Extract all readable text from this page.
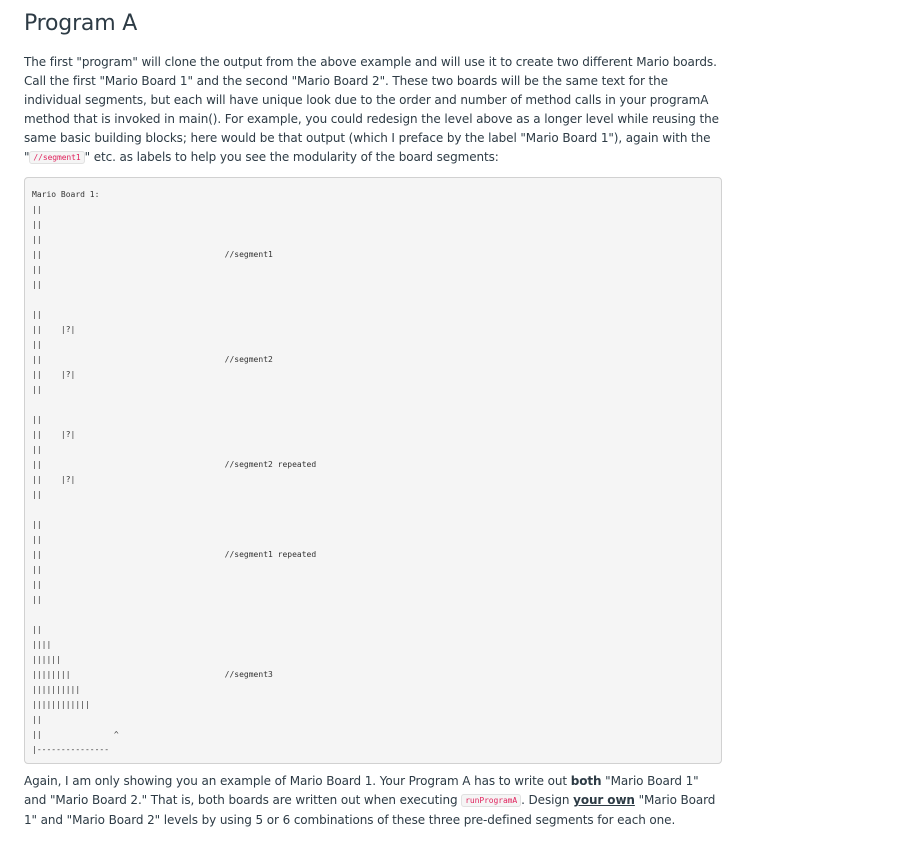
Program A
The first "program" will clone the output from the above example and will use it to create two different Mario boards. Call the first "Mario Board 1" and the second "Mario Board 2". These two boards will be the same text for the individual segments, but each will have unique look due to the order and number of method calls in your programA method that is invoked in main(). For example, you could redesign the level above as a longer level while reusing the same basic building blocks; here would be that output (which I preface by the label "Mario Board 1"), again with the " //segment1 " etc. as labels to help you see the modularity of the board segments:
Mario Board 1:
||
||
||
||                                      //segment1
||
||

||
||    |?|
||
||                                      //segment2
||    |?|
||

||
||    |?|
||
||                                      //segment2 repeated
||    |?|
||

||
||
||                                      //segment1 repeated
||
||
||

||
||||
||||||
||||||||                                //segment3
||||||||||
||||||||||||
||
||               ^
|---------------
Again, I am only showing you an example of Mario Board 1. Your Program A has to write out both "Mario Board 1" and "Mario Board 2." That is, both boards are written out when executing runProgramA . Design your own "Mario Board 1" and "Mario Board 2" levels by using 5 or 6 combinations of these three pre-defined segments for each one.
